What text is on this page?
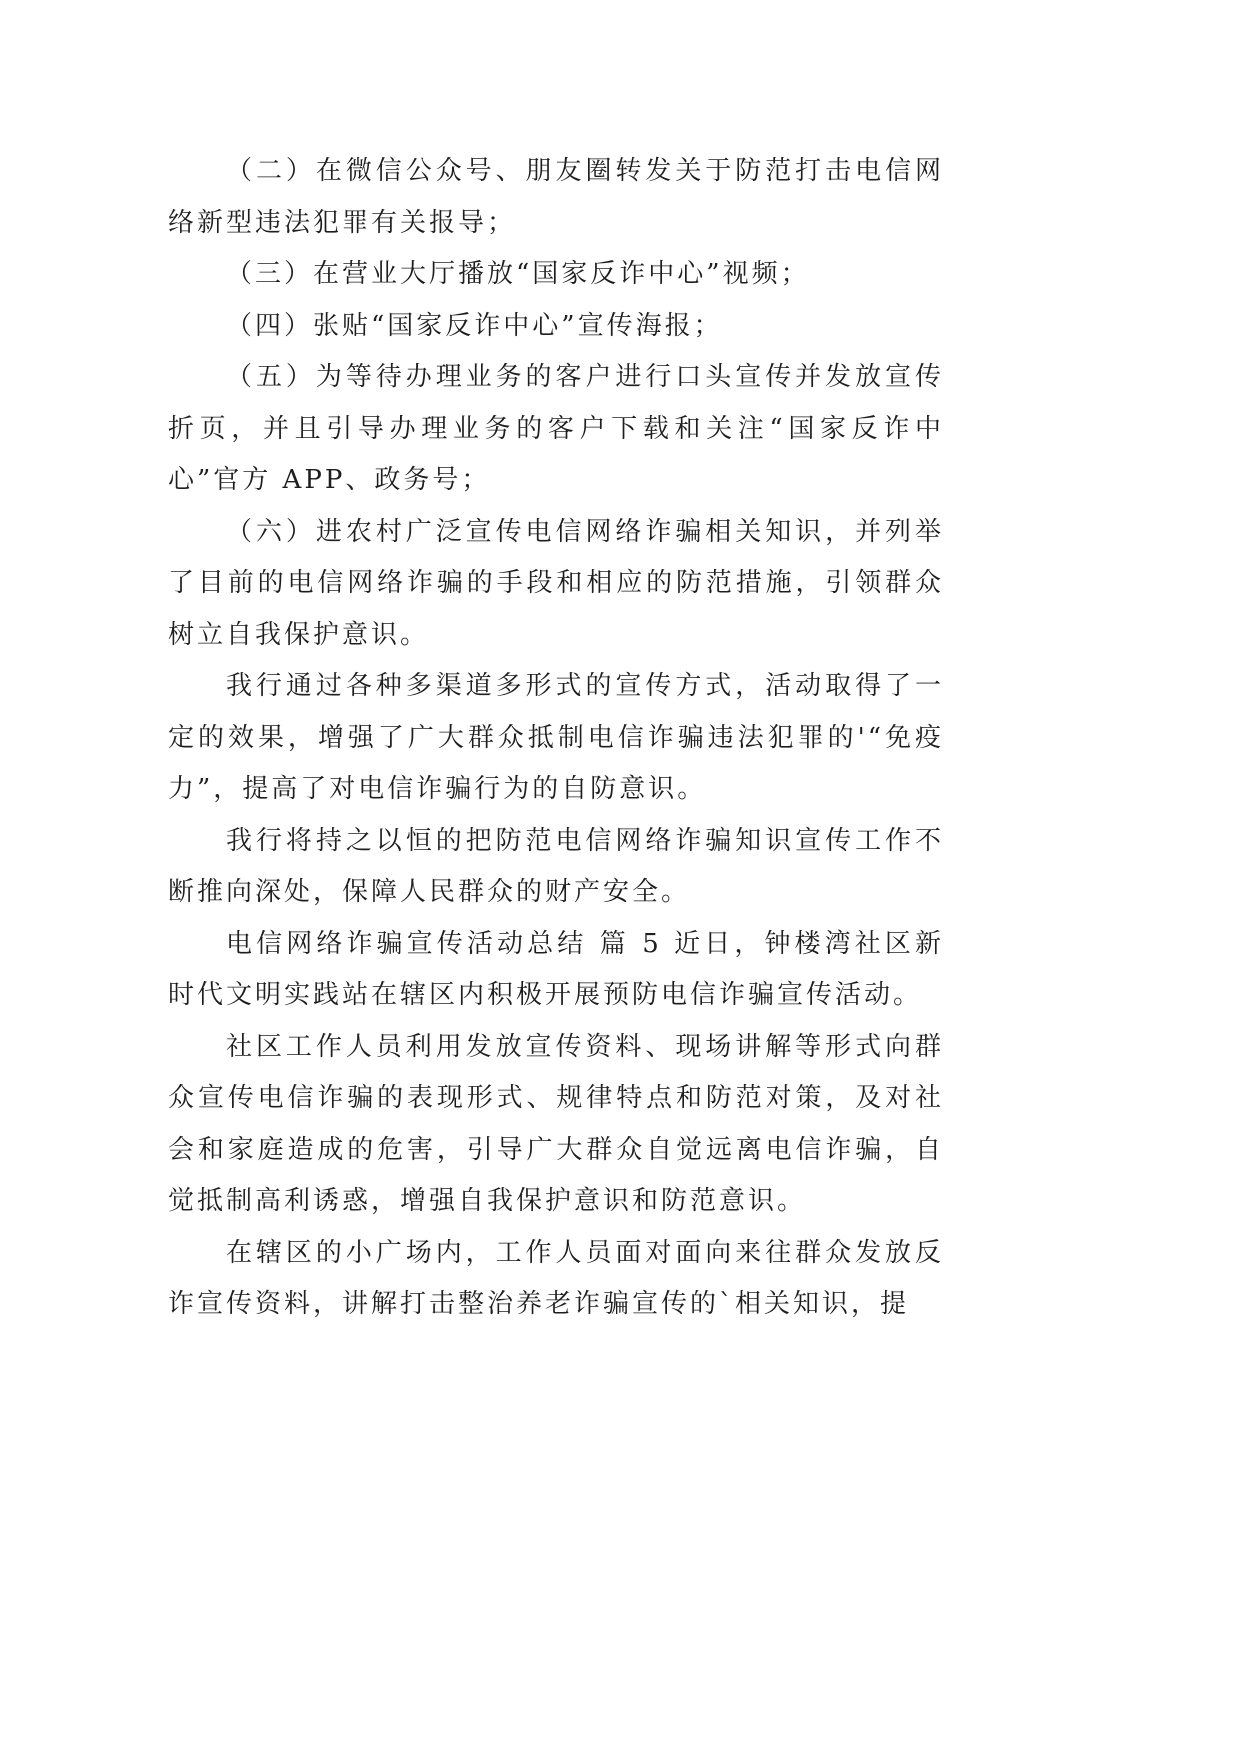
（二）在微信公众号、朋友圈转发关于防范打击电信网络新型违法犯罪有关报导；

（三）在营业大厅播放“国家反诈中心”视频；

（四）张贴“国家反诈中心”宣传海报；

（五）为等待办理业务的客户进行口头宣传并发放宣传折页，并且引导办理业务的客户下载和关注“国家反诈中心”官方 APP、政务号；

（六）进农村广泛宣传电信网络诈骗相关知识，并列举了目前的电信网络诈骗的手段和相应的防范措施，引领群众树立自我保护意识。

我行通过各种多渠道多形式的宣传方式，活动取得了一定的效果，增强了广大群众抵制电信诈骗违法犯罪的'“免疫力”，提高了对电信诈骗行为的自防意识。

我行将持之以恒的把防范电信网络诈骗知识宣传工作不断推向深处，保障人民群众的财产安全。

电信网络诈骗宣传活动总结 篇 5 近日，钟楼湾社区新时代文明实践站在辖区内积极开展预防电信诈骗宣传活动。

社区工作人员利用发放宣传资料、现场讲解等形式向群众宣传电信诈骗的表现形式、规律特点和防范对策，及对社会和家庭造成的危害，引导广大群众自觉远离电信诈骗，自觉抵制高利诱惑，增强自我保护意识和防范意识。

在辖区的小广场内，工作人员面对面向来往群众发放反诈宣传资料，讲解打击整治养老诈骗宣传的`相关知识，提
